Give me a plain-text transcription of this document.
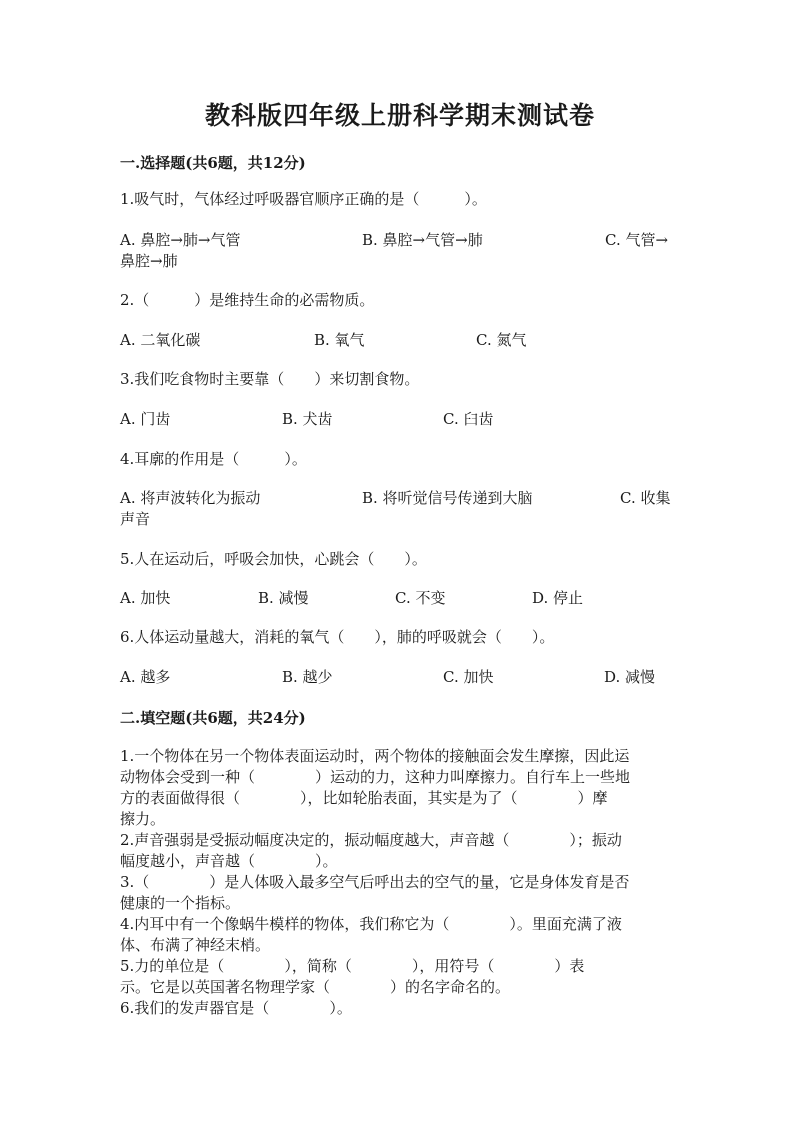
教科版四年级上册科学期末测试卷
一.选择题(共6题，共12分)
1.吸气时，气体经过呼吸器官顺序正确的是（　　　）。
A. 鼻腔→肺→气管	B. 鼻腔→气管→肺	C. 气管→
鼻腔→肺
2.（　　　）是维持生命的必需物质。
A. 二氧化碳	B. 氧气	C. 氮气
3.我们吃食物时主要靠（　　）来切割食物。
A. 门齿	B. 犬齿	C. 臼齿
4.耳廓的作用是（　　　）。
A. 将声波转化为振动	B. 将听觉信号传递到大脑	C. 收集
声音
5.人在运动后，呼吸会加快，心跳会（　　）。
A. 加快	B. 减慢	C. 不变	D. 停止
6.人体运动量越大，消耗的氧气（　　），肺的呼吸就会（　　）。
A. 越多	B. 越少	C. 加快	D. 减慢
二.填空题(共6题，共24分)
1.一个物体在另一个物体表面运动时，两个物体的接触面会发生摩擦，因此运
动物体会受到一种（　　　　）运动的力，这种力叫摩擦力。自行车上一些地
方的表面做得很（　　　　），比如轮胎表面，其实是为了（　　　　）摩
擦力。
2.声音强弱是受振动幅度决定的，振动幅度越大，声音越（　　　　）；振动
幅度越小，声音越（　　　　）。
3.（　　　　）是人体吸入最多空气后呼出去的空气的量，它是身体发育是否
健康的一个指标。
4.内耳中有一个像蜗牛模样的物体，我们称它为（　　　　）。里面充满了液
体、布满了神经末梢。
5.力的单位是（　　　　），简称（　　　　），用符号（　　　　）表
示。它是以英国著名物理学家（　　　　）的名字命名的。
6.我们的发声器官是（　　　　）。
